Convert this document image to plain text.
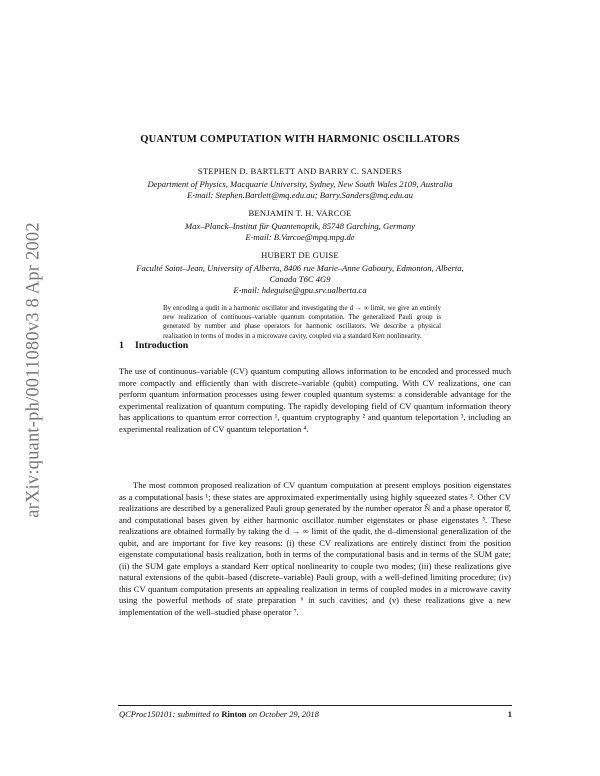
arXiv:quant-ph/0011080v3 8 Apr 2002
QUANTUM COMPUTATION WITH HARMONIC OSCILLATORS
STEPHEN D. BARTLETT AND BARRY C. SANDERS
Department of Physics, Macquarie University, Sydney, New South Wales 2109, Australia
E-mail: Stephen.Bartlett@mq.edu.au; Barry.Sanders@mq.edu.au
BENJAMIN T. H. VARCOE
Max–Planck–Institut für Quantenoptik, 85748 Garching, Germany
E-mail: B.Varcoe@mpq.mpg.de
HUBERT DE GUISE
Faculté Saint–Jean, University of Alberta, 8406 rue Marie–Anne Gaboury, Edmonton, Alberta,
Canada T6C 4G9
E-mail: hdeguise@gpu.srv.ualberta.ca
By encoding a qudit in a harmonic oscillator and investigating the d → ∞ limit, we give an entirely new realization of continuous–variable quantum computation. The generalized Pauli group is generated by number and phase operators for harmonic oscillators. We describe a physical realization in terms of modes in a microwave cavity, coupled via a standard Kerr nonlinearity.
1 Introduction
The use of continuous–variable (CV) quantum computing allows information to be encoded and processed much more compactly and efficiently than with discrete–variable (qubit) computing. With CV realizations, one can perform quantum information processes using fewer coupled quantum systems: a considerable advantage for the experimental realization of quantum computing. The rapidly developing field of CV quantum information theory has applications to quantum error correction ¹, quantum cryptography ² and quantum teleportation ³, including an experimental realization of CV quantum teleportation ⁴.
The most common proposed realization of CV quantum computation at present employs position eigenstates as a computational basis ¹; these states are approximated experimentally using highly squeezed states ³. Other CV realizations are described by a generalized Pauli group generated by the number operator N̂ and a phase operator θ̂, and computational bases given by either harmonic oscillator number eigenstates or phase eigenstates ⁵. These realizations are obtained formally by taking the d → ∞ limit of the qudit, the d–dimensional generalization of the qubit, and are important for five key reasons: (i) these CV realizations are entirely distinct from the position eigenstate computational basis realization, both in terms of the computational basis and in terms of the SUM gate; (ii) the SUM gate employs a standard Kerr optical nonlinearity to couple two modes; (iii) these realizations give natural extensions of the qubit–based (discrete–variable) Pauli group, with a well-defined limiting procedure; (iv) this CV quantum computation presents an appealing realization in terms of coupled modes in a microwave cavity using the powerful methods of state preparation ⁶ in such cavities; and (v) these realizations give a new implementation of the well–studied phase operator ⁷.
QCProc150101: submitted to Rinton on October 29, 2018	1
